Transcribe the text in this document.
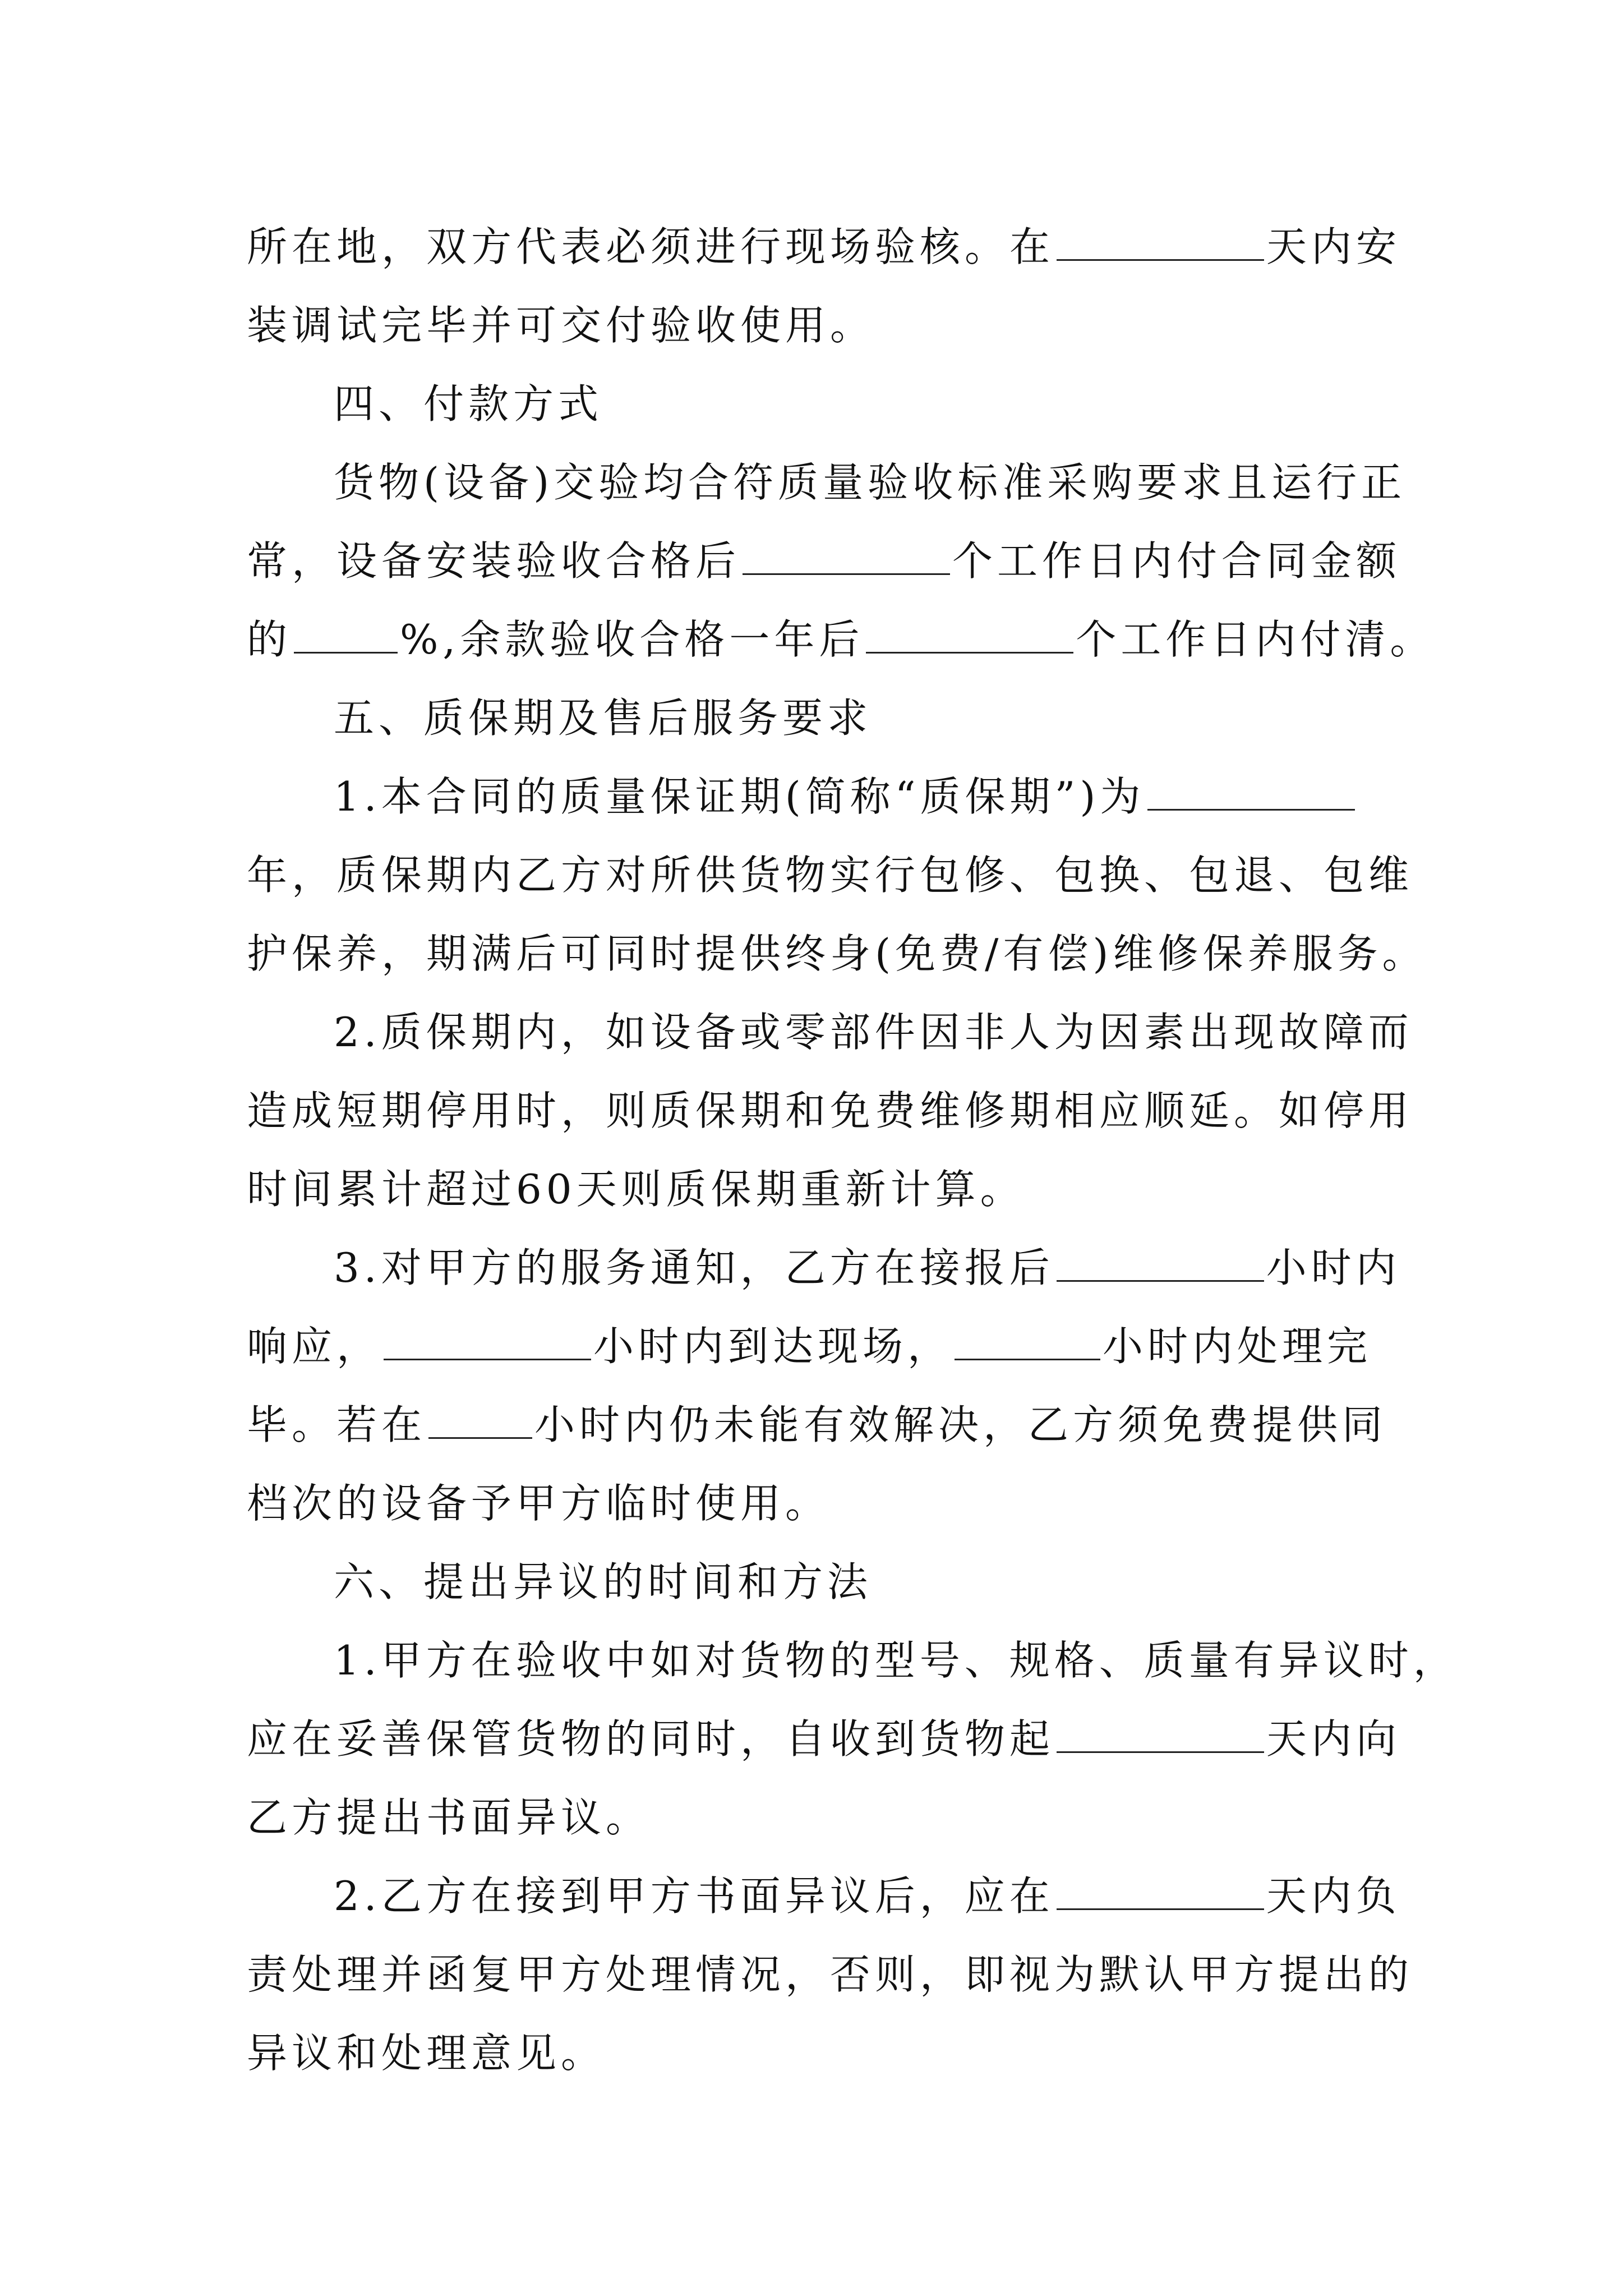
所在地，双方代表必须进行现场验核。在	天内安
装调试完毕并可交付验收使用。
四、付款方式
货物(设备)交验均合符质量验收标准采购要求且运行正
常，设备安装验收合格后	个工作日内付合同金额
的	%,余款验收合格一年后	个工作日内付清。
五、质保期及售后服务要求
1.本合同的质量保证期(简称“质保期”)为
年，质保期内乙方对所供货物实行包修、包换、包退、包维
护保养，期满后可同时提供终身(免费/有偿)维修保养服务。
2.质保期内，如设备或零部件因非人为因素出现故障而
造成短期停用时，则质保期和免费维修期相应顺延。如停用
时间累计超过60天则质保期重新计算。
3.对甲方的服务通知，乙方在接报后	小时内
响应，	小时内到达现场，	小时内处理完
毕。若在	小时内仍未能有效解决，乙方须免费提供同
档次的设备予甲方临时使用。
六、提出异议的时间和方法
1.甲方在验收中如对货物的型号、规格、质量有异议时，
应在妥善保管货物的同时，自收到货物起	天内向
乙方提出书面异议。
2.乙方在接到甲方书面异议后，应在	天内负
责处理并函复甲方处理情况，否则，即视为默认甲方提出的
异议和处理意见。
